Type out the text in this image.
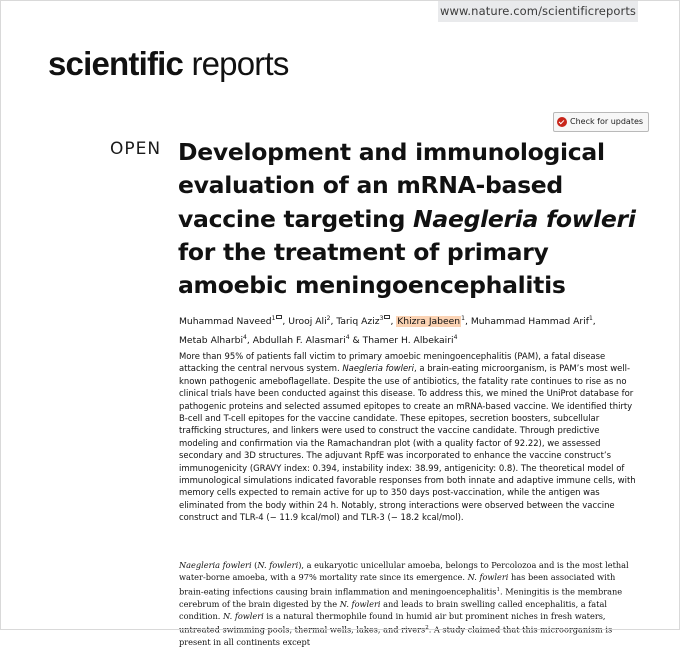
www.nature.com/scientificreports
scientific reports
Check for updates
OPEN Development and immunological
evaluation of an mRNA-based
vaccine targeting Naegleria fowleri
for the treatment of primary
amoebic meningoencephalitis
Muhammad Naveed$^1$ , Urooj Ali$^2$, Tariq Aziz$^3$ , Khizra Jabeen$^1$, Muhammad Hammad Arif$^1$,
Metab Alharbi$^4$, Abdullah F. Alasmari$^4$ & Thamer H. Albekairi$^4$

More than 95% of patients fall victim to primary amoebic meningoencephalitis (PAM), a fatal disease attacking the central nervous system. Naegleria fowleri, a brain-eating microorganism, is PAM’s most well-known pathogenic ameboflagellate. Despite the use of antibiotics, the fatality rate continues to rise as no clinical trials have been conducted against this disease. To address this, we mined the UniProt database for pathogenic proteins and selected assumed epitopes to create an mRNA-based vaccine. We identified thirty B-cell and T-cell epitopes for the vaccine candidate. These epitopes, secretion boosters, subcellular trafficking structures, and linkers were used to construct the vaccine candidate. Through predictive modeling and confirmation via the Ramachandran plot (with a quality factor of 92.22), we assessed secondary and 3D structures. The adjuvant RpfE was incorporated to enhance the vaccine construct’s immunogenicity (GRAVY index: 0.394, instability index: 38.99, antigenicity: 0.8). The theoretical model of immunological simulations indicated favorable responses from both innate and adaptive immune cells, with memory cells expected to remain active for up to 350 days post-vaccination, while the antigen was eliminated from the body within 24 h. Notably, strong interactions were observed between the vaccine construct and TLR-4 (− 11.9 kcal/mol) and TLR-3 (− 18.2 kcal/mol).

Naegleria fowleri (N. fowleri), a eukaryotic unicellular amoeba, belongs to Percolozoa and is the most lethal water-borne amoeba, with a 97% mortality rate since its emergence. N. fowleri has been associated with brain-eating infections causing brain inflammation and meningoencephalitis$^1$. Meningitis is the membrane cerebrum of the brain digested by the N. fowleri and leads to brain swelling called encephalitis, a fatal condition. N. fowleri is a natural thermophile found in humid air but prominent niches in fresh waters, untreated swimming pools, thermal wells, lakes, and rivers$^2$. A study claimed that this microorganism is present in all continents except
